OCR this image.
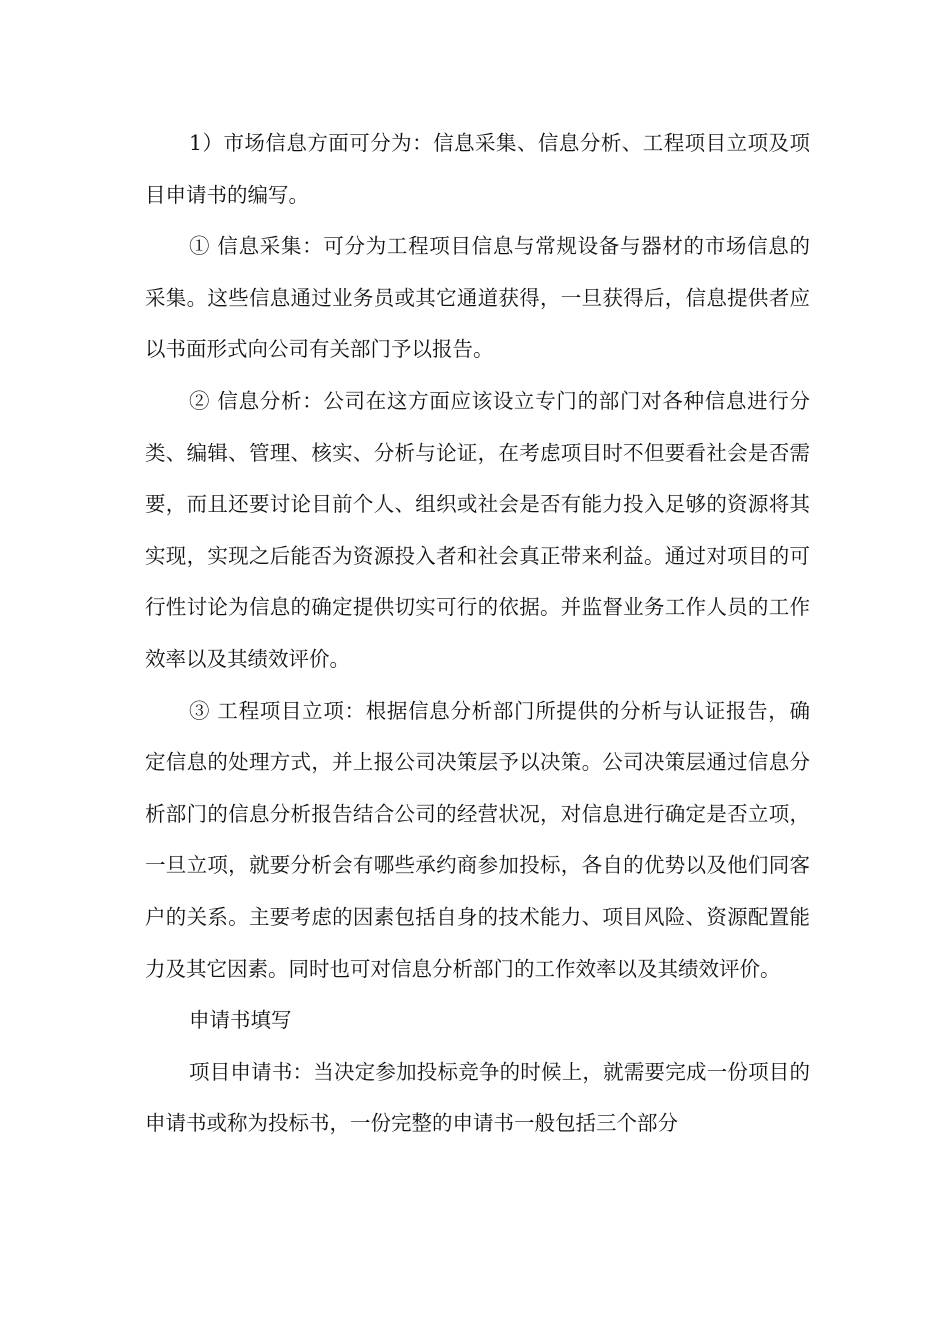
1）市场信息方面可分为：信息采集、信息分析、工程项目立项及项目申请书的编写。

① 信息采集：可分为工程项目信息与常规设备与器材的市场信息的采集。这些信息通过业务员或其它通道获得，一旦获得后，信息提供者应以书面形式向公司有关部门予以报告。

② 信息分析：公司在这方面应该设立专门的部门对各种信息进行分类、编辑、管理、核实、分析与论证，在考虑项目时不但要看社会是否需要，而且还要讨论目前个人、组织或社会是否有能力投入足够的资源将其实现，实现之后能否为资源投入者和社会真正带来利益。通过对项目的可行性讨论为信息的确定提供切实可行的依据。并监督业务工作人员的工作效率以及其绩效评价。

③ 工程项目立项：根据信息分析部门所提供的分析与认证报告，确定信息的处理方式，并上报公司决策层予以决策。公司决策层通过信息分析部门的信息分析报告结合公司的经营状况，对信息进行确定是否立项，一旦立项，就要分析会有哪些承约商参加投标，各自的优势以及他们同客户的关系。主要考虑的因素包括自身的技术能力、项目风险、资源配置能力及其它因素。同时也可对信息分析部门的工作效率以及其绩效评价。

申请书填写

项目申请书：当决定参加投标竞争的时候上，就需要完成一份项目的申请书或称为投标书，一份完整的申请书一般包括三个部分
